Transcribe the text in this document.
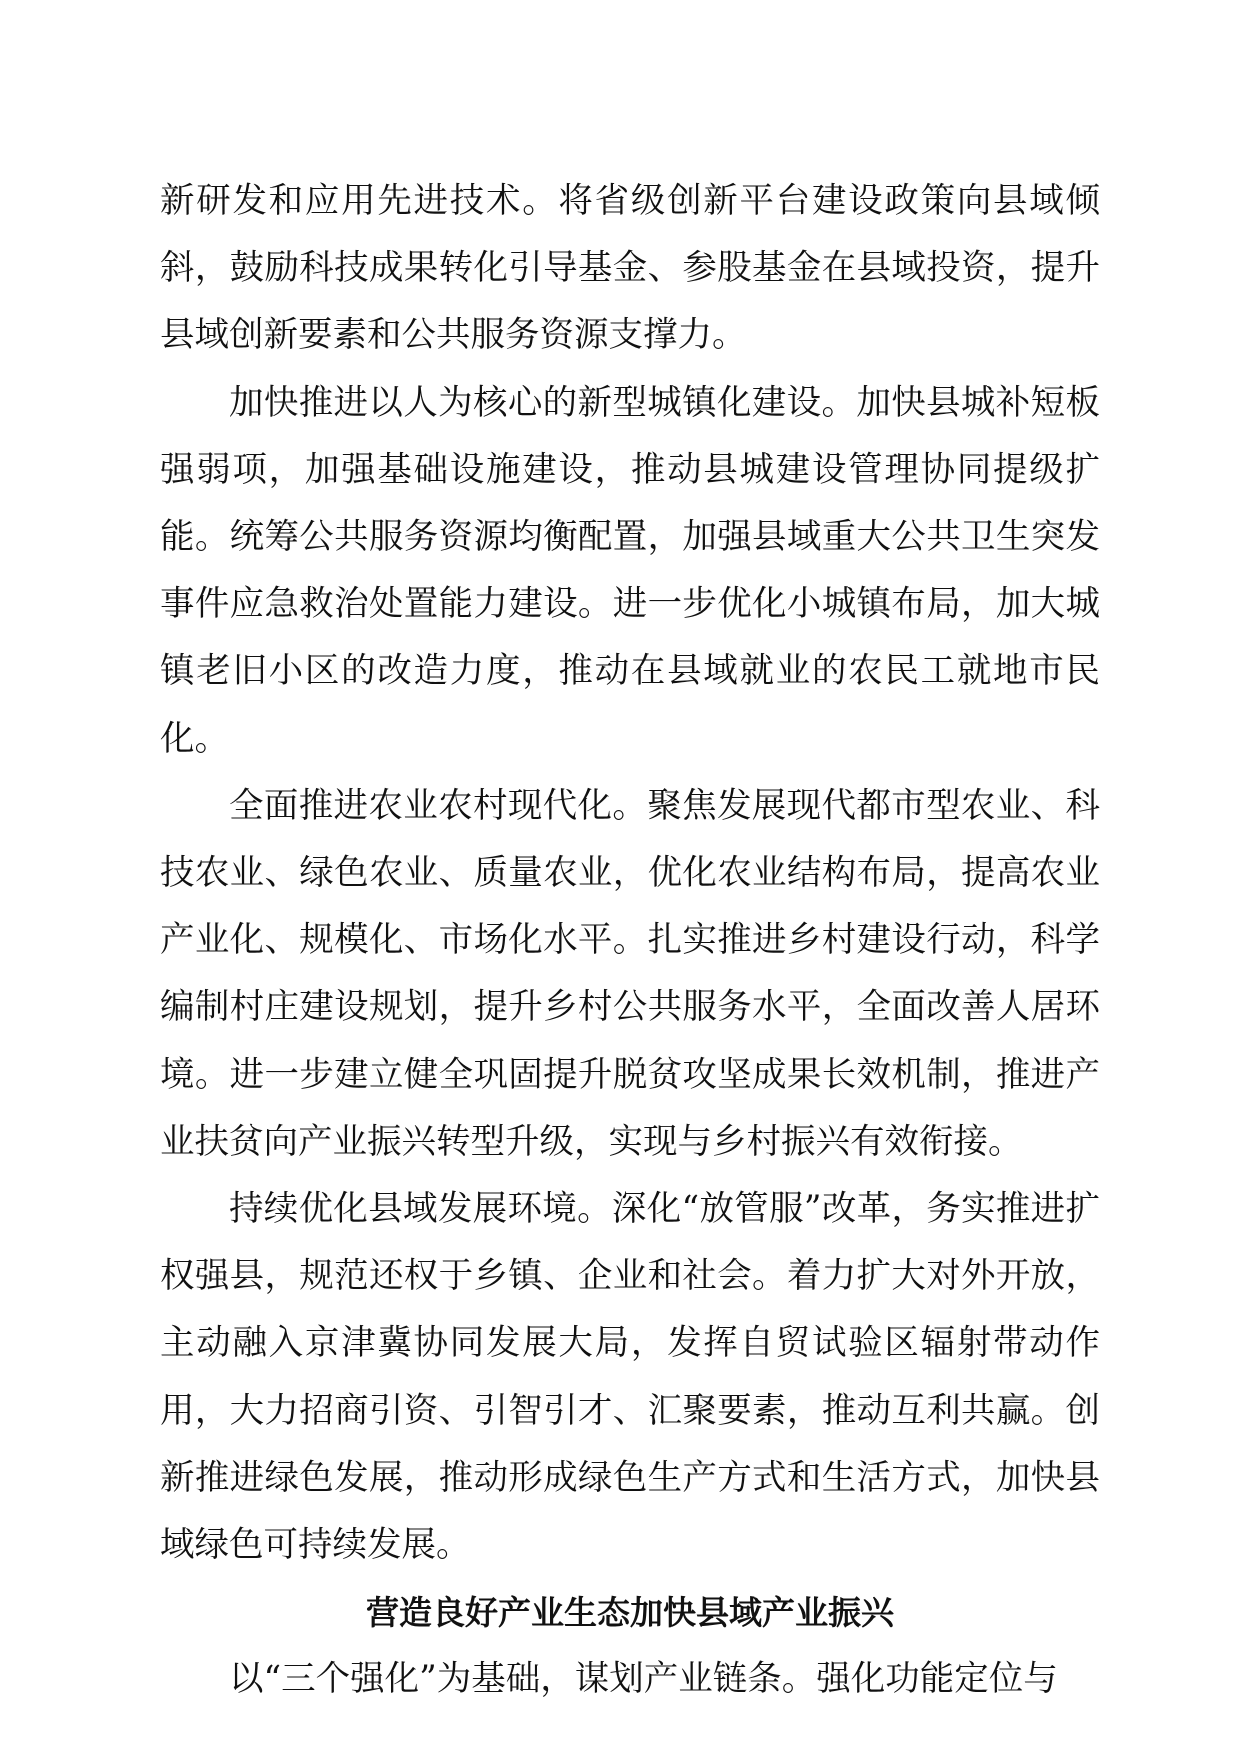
新研发和应用先进技术。将省级创新平台建设政策向县域倾斜，鼓励科技成果转化引导基金、参股基金在县域投资，提升县域创新要素和公共服务资源支撑力。

加快推进以人为核心的新型城镇化建设。加快县城补短板强弱项，加强基础设施建设，推动县城建设管理协同提级扩能。统筹公共服务资源均衡配置，加强县域重大公共卫生突发事件应急救治处置能力建设。进一步优化小城镇布局，加大城镇老旧小区的改造力度，推动在县域就业的农民工就地市民化。

全面推进农业农村现代化。聚焦发展现代都市型农业、科技农业、绿色农业、质量农业，优化农业结构布局，提高农业产业化、规模化、市场化水平。扎实推进乡村建设行动，科学编制村庄建设规划，提升乡村公共服务水平，全面改善人居环境。进一步建立健全巩固提升脱贫攻坚成果长效机制，推进产业扶贫向产业振兴转型升级，实现与乡村振兴有效衔接。

持续优化县域发展环境。深化“放管服”改革，务实推进扩权强县，规范还权于乡镇、企业和社会。着力扩大对外开放，主动融入京津冀协同发展大局，发挥自贸试验区辐射带动作用，大力招商引资、引智引才、汇聚要素，推动互利共赢。创新推进绿色发展，推动形成绿色生产方式和生活方式，加快县域绿色可持续发展。

营造良好产业生态加快县域产业振兴

以“三个强化”为基础，谋划产业链条。强化功能定位与
